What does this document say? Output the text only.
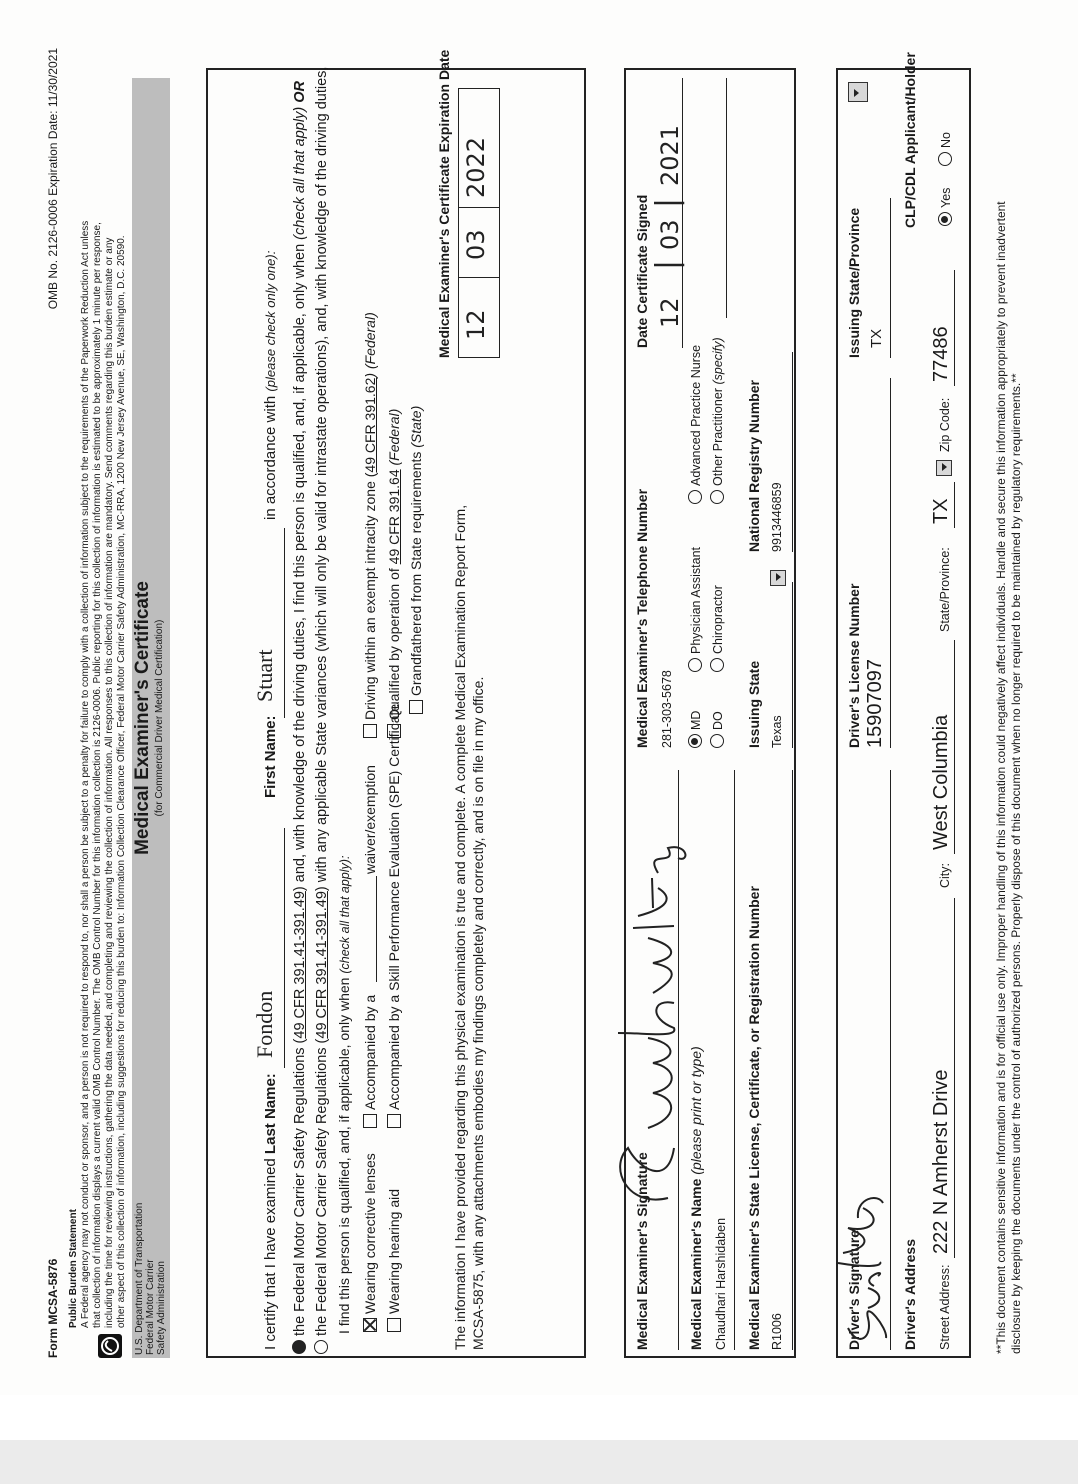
Form MCSA-5876
OMB No. 2126-0006 Expiration Date: 11/30/2021
Public Burden Statement A Federal agency may not conduct or sponsor, and a person is not required to respond to, nor shall a person be subject to a penalty for failure to comply with a collection of information subject to the requirements of the Paperwork Reduction Act unless that collection of information displays a current valid OMB Control Number. The OMB Control Number for this information collection is 2126-0006. Public reporting for this collection of information is estimated to be approximately 1 minute per response, including the time for reviewing instructions, gathering the data needed, and completing and reviewing the collection of information. All responses to this collection of information are mandatory. Send comments regarding this burden estimate or any other aspect of this collection of information, including suggestions for reducing this burden to: Information Collection Clearance Officer, Federal Motor Carrier Safety Administration, MC-RRA, 1200 New Jersey Avenue, SE, Washington, D.C. 20590. U.S. Department of Transportation Federal Motor Carrier Safety Administration
Medical Examiner's Certificate (for Commercial Driver Medical Certification)
I certify that I have examined Last Name:
Fondon
First Name:
Stuart
in accordance with (please check only one):
the Federal Motor Carrier Safety Regulations (49 CFR 391.41-391.49) and, with knowledge of the driving duties, I find this person is qualified, and, if applicable, only when (check all that apply) OR
the Federal Motor Carrier Safety Regulations (49 CFR 391.41-391.49) with any applicable State variances (which will only be valid for intrastate operations), and, with knowledge of the driving duties,
I find this person is qualified, and, if applicable, only when (check all that apply):
Wearing corrective lenses Wearing hearing aid
Accompanied by a
waiver/exemption Accompanied by a Skill Performance Evaluation (SPE) Certificate
Driving within an exempt intracity zone (49 CFR 391.62) (Federal)
Qualified by operation of 49 CFR 391.64 (Federal)
Grandfathered from State requirements (State)
The information I have provided regarding this physical examination is true and complete. A complete Medical Examination Report Form, MCSA-5875, with any attachments embodies my findings completely and correctly, and is on file in my office.
Medical Examiner's Certificate Expiration Date 12
03
2022
Medical Examiner's Signature
Medical Examiner's Telephone Number 281-303-5678
Date Certificate Signed 12
|
03
|
2021
Medical Examiner's Name (please print or type)
Chaudhari Harshidaben
MD DO
Physician Assistant Chiropractor
Advanced Practice Nurse Other Practitioner (specify)
Medical Examiner's State License, Certificate, or Registration Number R1006
Issuing State Texas
National Registry Number 9913446859
Driver's Signature
Driver's License Number 15907097
Issuing State/Province TX
Driver's Address
CLP/CDL Applicant/Holder
Street Address:
222 N Amherst Drive
City:
West Columbia
State/Province:
TX
Zip Code:
77486
Yes
No
**This document contains sensitive information and is for official use only. Improper handling of this information could negatively affect individuals. Handle and secure this information appropriately to prevent inadvertent disclosure by keeping the documents under the control of authorized persons. Properly dispose of this document when no longer required to be maintained by regulatory requirements.**
